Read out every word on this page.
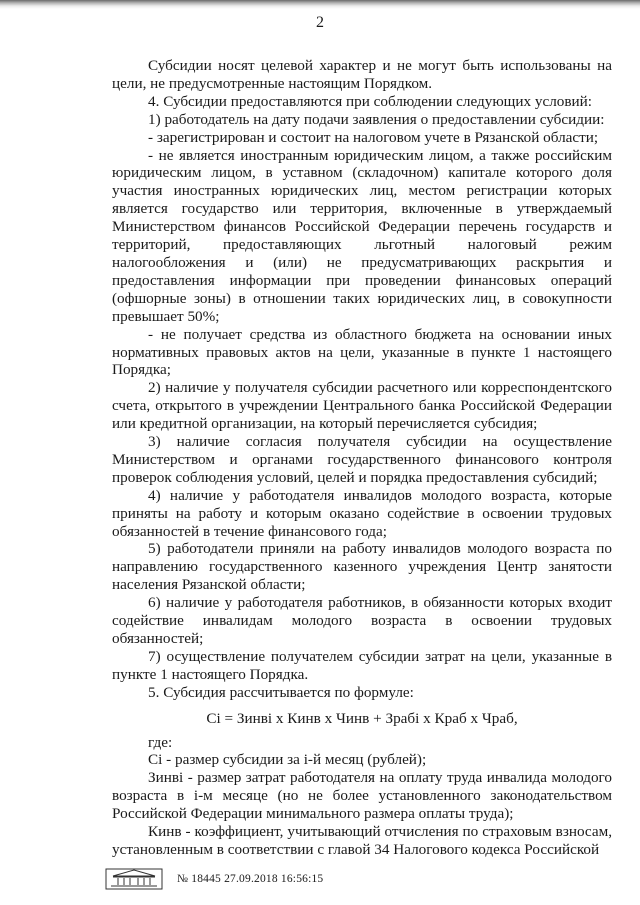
2

Субсидии носят целевой характер и не могут быть использованы на цели, не предусмотренные настоящим Порядком.

4. Субсидии предоставляются при соблюдении следующих условий:

1) работодатель на дату подачи заявления о предоставлении субсидии:

- зарегистрирован и состоит на налоговом учете в Рязанской области;

- не является иностранным юридическим лицом, а также российским юридическим лицом, в уставном (складочном) капитале которого доля участия иностранных юридических лиц, местом регистрации которых является государство или территория, включенные в утверждаемый Министерством финансов Российской Федерации перечень государств и территорий, предоставляющих льготный налоговый режим налогообложения и (или) не предусматривающих раскрытия и предоставления информации при проведении финансовых операций (офшорные зоны) в отношении таких юридических лиц, в совокупности превышает 50%;

- не получает средства из областного бюджета на основании иных нормативных правовых актов на цели, указанные в пункте 1 настоящего Порядка;

2) наличие у получателя субсидии расчетного или корреспондентского счета, открытого в учреждении Центрального банка Российской Федерации или кредитной организации, на который перечисляется субсидия;

3) наличие согласия получателя субсидии на осуществление Министерством и органами государственного финансового контроля проверок соблюдения условий, целей и порядка предоставления субсидий;

4) наличие у работодателя инвалидов молодого возраста, которые приняты на работу и которым оказано содействие в освоении трудовых обязанностей в течение финансового года;

5) работодатели приняли на работу инвалидов молодого возраста по направлению государственного казенного учреждения Центр занятости населения Рязанской области;

6) наличие у работодателя работников, в обязанности которых входит содействие инвалидам молодого возраста в освоении трудовых обязанностей;

7) осуществление получателем субсидии затрат на цели, указанные в пункте 1 настоящего Порядка.

5. Субсидия рассчитывается по формуле:

Сi = Зинвi х Кинв х Чинв + Зрабi х Краб х Чраб,

где:

Сi - размер субсидии за i-й месяц (рублей);

Зинвi - размер затрат работодателя на оплату труда инвалида молодого возраста в i-м месяце (но не более установленного законодательством Российской Федерации минимального размера оплаты труда);

Кинв - коэффициент, учитывающий отчисления по страховым взносам, установленным в соответствии с главой 34 Налогового кодекса Российской

№ 18445 27.09.2018 16:56:15
